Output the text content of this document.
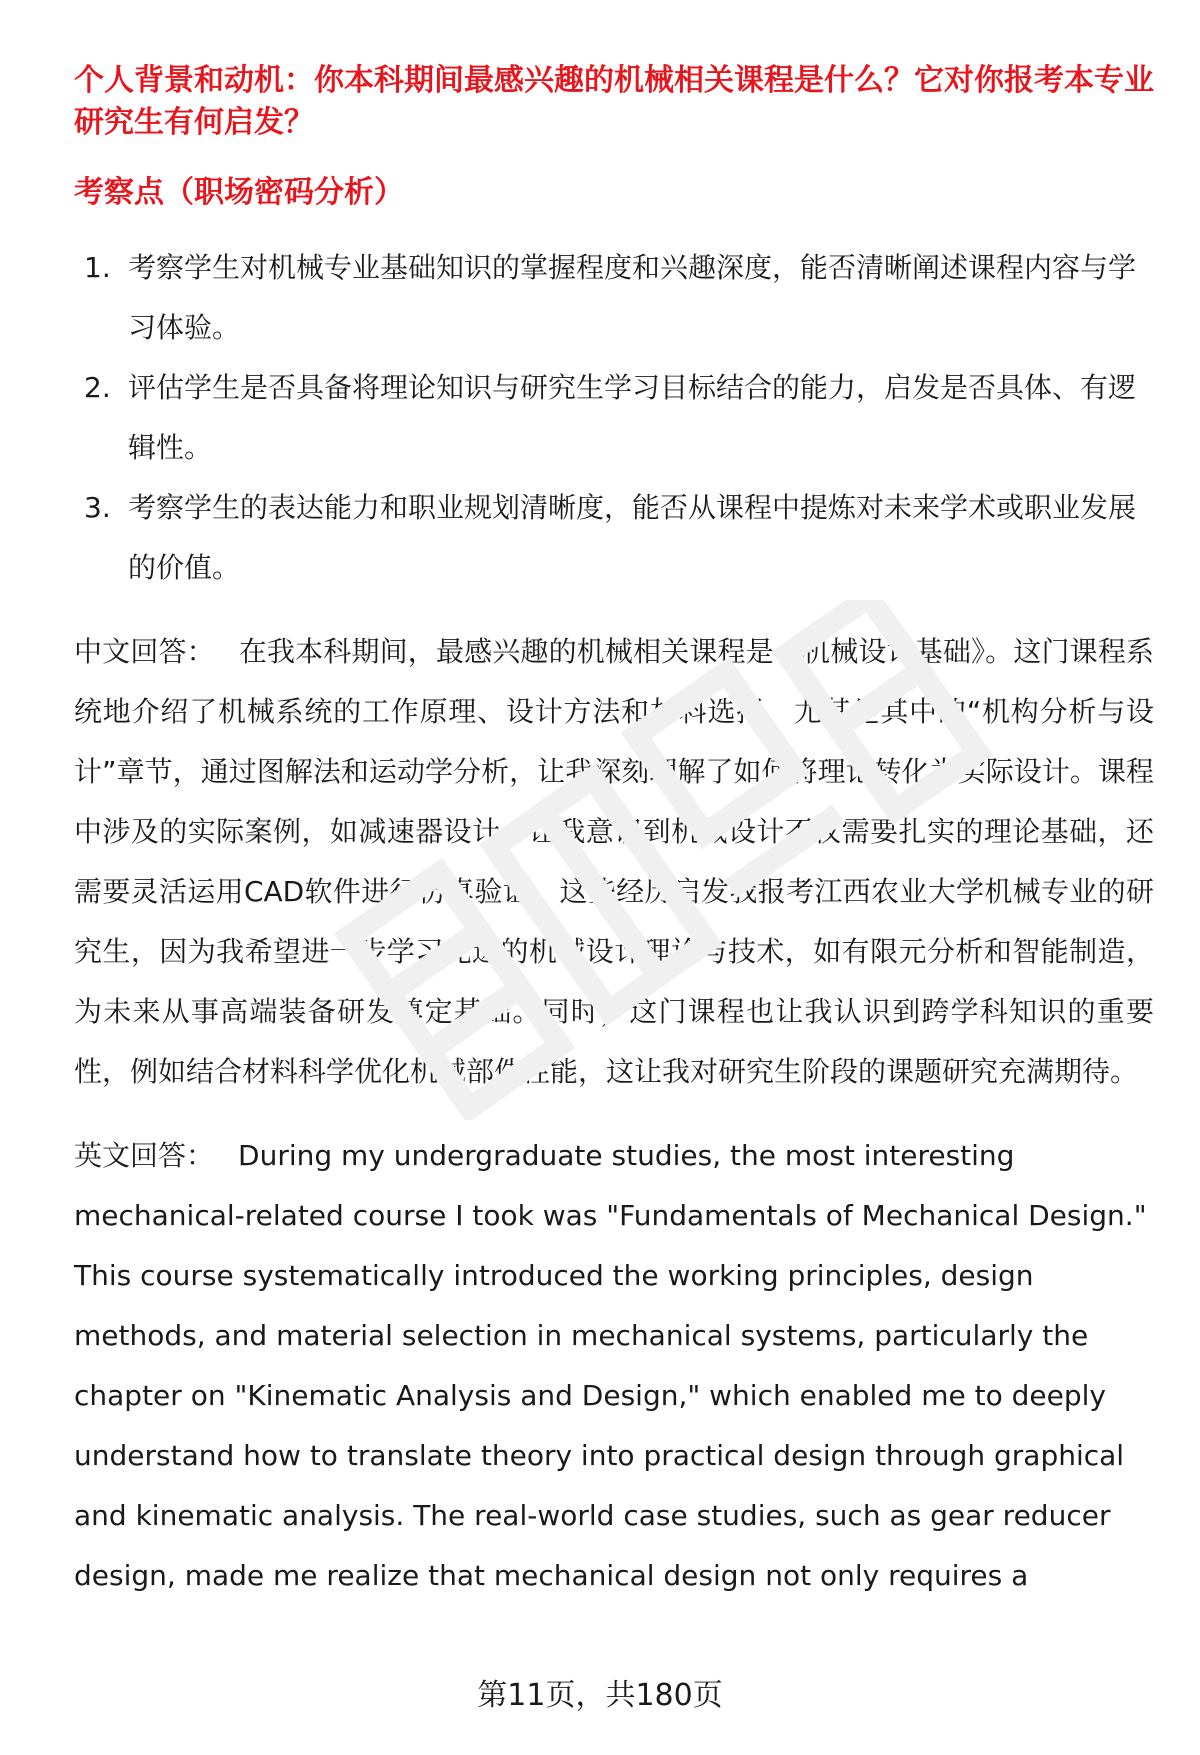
个人背景和动机：你本科期间最感兴趣的机械相关课程是什么？它对你报考本专业研究生有何启发？
考察点（职场密码分析）
1. 考察学生对机械专业基础知识的掌握程度和兴趣深度，能否清晰阐述课程内容与学习体验。
2. 评估学生是否具备将理论知识与研究生学习目标结合的能力，启发是否具体、有逻辑性。
3. 考察学生的表达能力和职业规划清晰度，能否从课程中提炼对未来学术或职业发展的价值。

中文回答： 在我本科期间，最感兴趣的机械相关课程是《机械设计基础》。这门课程系统地介绍了机械系统的工作原理、设计方法和材料选择，尤其是其中的“机构分析与设计”章节，通过图解法和运动学分析，让我深刻理解了如何将理论转化为实际设计。课程中涉及的实际案例，如减速器设计，让我意识到机械设计不仅需要扎实的理论基础，还需要灵活运用CAD软件进行仿真验证。这些经历启发我报考江西农业大学机械专业的研究生，因为我希望进一步学习先进的机械设计理论与技术，如有限元分析和智能制造，为未来从事高端装备研发奠定基础。同时，这门课程也让我认识到跨学科知识的重要性，例如结合材料科学优化机械部件性能，这让我对研究生阶段的课题研究充满期待。

英文回答： During my undergraduate studies, the most interesting mechanical-related course I took was "Fundamentals of Mechanical Design." This course systematically introduced the working principles, design methods, and material selection in mechanical systems, particularly the chapter on "Kinematic Analysis and Design," which enabled me to deeply understand how to translate theory into practical design through graphical and kinematic analysis. The real-world case studies, such as gear reducer design, made me realize that mechanical design not only requires a

第11页，共180页
